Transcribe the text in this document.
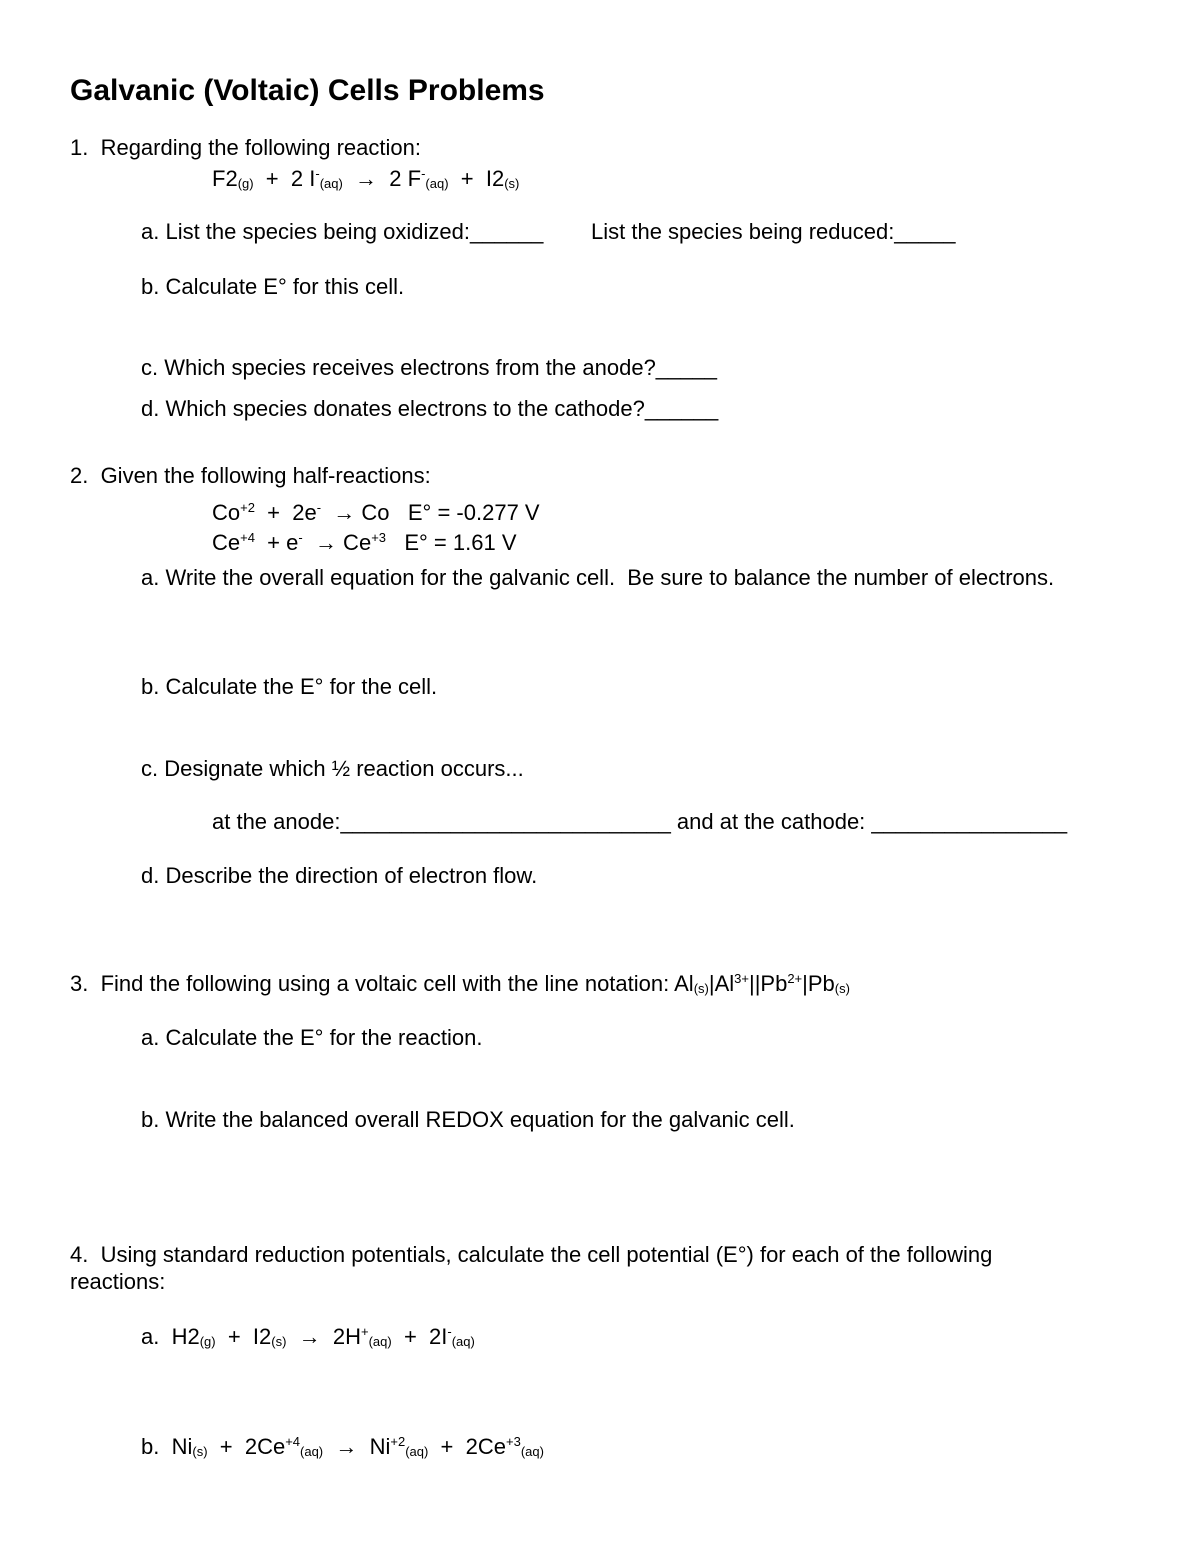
Galvanic (Voltaic) Cells Problems
1.  Regarding the following reaction:
F2(g)  +  2 I-(aq)  →  2 F-(aq)  +  I2(s)
a. List the species being oxidized:______ List the species being reduced:_____
b. Calculate E° for this cell.
c. Which species receives electrons from the anode?_____
d. Which species donates electrons to the cathode?______
2.  Given the following half-reactions:
$Co^{+2} + 2e^- \to Co$   E° = -0.277 V
$Ce^{+4} + e^- \to Ce^{+3}$   E° = 1.61 V
a. Write the overall equation for the galvanic cell.  Be sure to balance the number of electrons.
b. Calculate the E° for the cell.
c. Designate which ½ reaction occurs...
at the anode:___________________________ and at the cathode: ________________
d. Describe the direction of electron flow.
3.  Find the following using a voltaic cell with the line notation: $Al(s)|Al^{3+}||Pb^{2+}|Pb(s)$
a. Calculate the E° for the reaction.
b. Write the balanced overall REDOX equation for the galvanic cell.
4.  Using standard reduction potentials, calculate the cell potential (E°) for each of the following
reactions:
a.  H2(g)  +  I2(s)  →  2H+(aq)  +  2I-(aq)
b.  $Ni(s) + 2Ce^{+4}(aq) \to Ni^{+2}(aq) + 2Ce^{+3}(aq)$
